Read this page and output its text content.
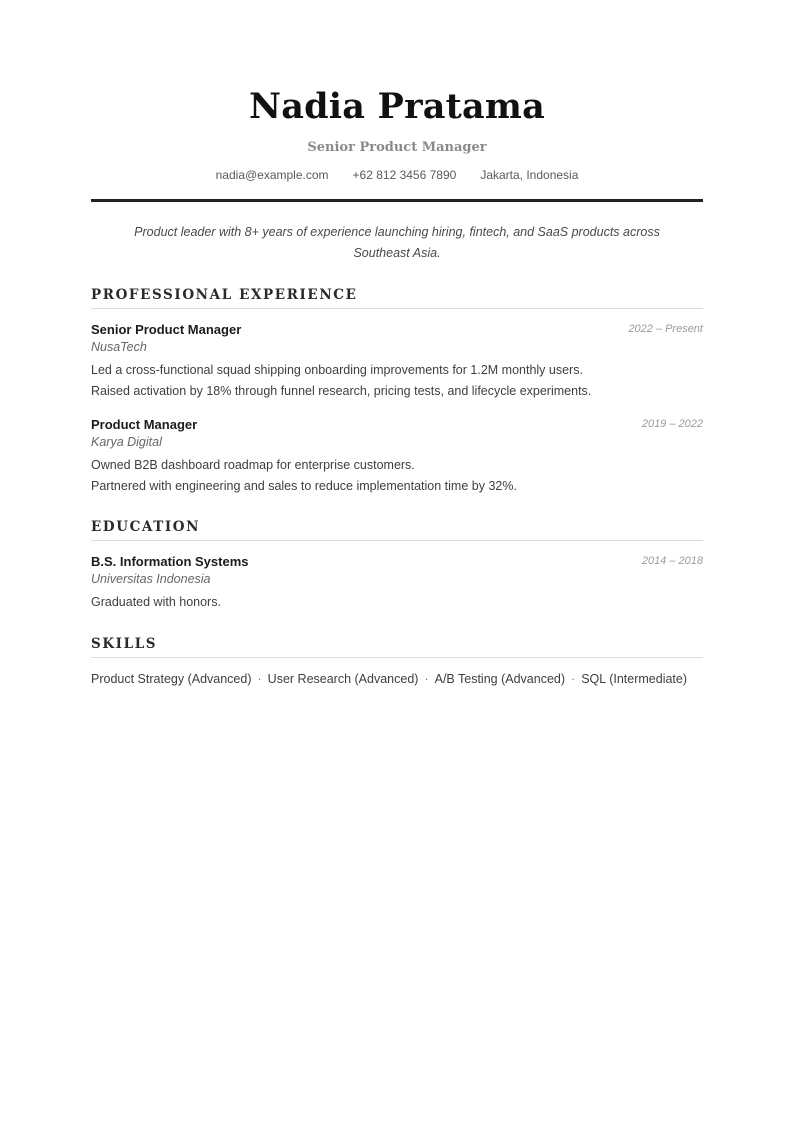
Nadia Pratama
Senior Product Manager
nadia@example.com +62 812 3456 7890 Jakarta, Indonesia
Product leader with 8+ years of experience launching hiring, fintech, and SaaS products across Southeast Asia.
PROFESSIONAL EXPERIENCE
Senior Product Manager	2022 – Present
NusaTech
Led a cross-functional squad shipping onboarding improvements for 1.2M monthly users.
Raised activation by 18% through funnel research, pricing tests, and lifecycle experiments.
Product Manager	2019 – 2022
Karya Digital
Owned B2B dashboard roadmap for enterprise customers.
Partnered with engineering and sales to reduce implementation time by 32%.
EDUCATION
B.S. Information Systems	2014 – 2018
Universitas Indonesia
Graduated with honors.
SKILLS
Product Strategy (Advanced) · User Research (Advanced) · A/B Testing (Advanced) · SQL (Intermediate)
